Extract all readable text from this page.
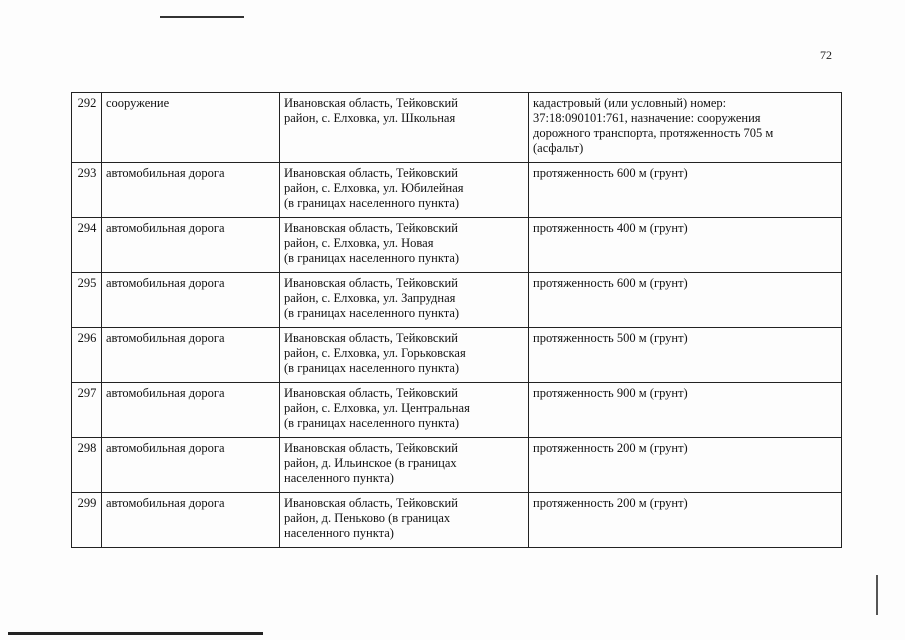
72
292	сооружение	Ивановская область, Тейковский
район, с. Елховка, ул. Школьная	кадастровый (или условный) номер:
37:18:090101:761, назначение: сооружения
дорожного транспорта, протяженность 705 м
(асфальт)
293	автомобильная дорога	Ивановская область, Тейковский
район, с. Елховка, ул. Юбилейная
(в границах населенного пункта)	протяженность 600 м (грунт)
294	автомобильная дорога	Ивановская область, Тейковский
район, с. Елховка, ул. Новая
(в границах населенного пункта)	протяженность 400 м (грунт)
295	автомобильная дорога	Ивановская область, Тейковский
район, с. Елховка, ул. Запрудная
(в границах населенного пункта)	протяженность 600 м (грунт)
296	автомобильная дорога	Ивановская область, Тейковский
район, с. Елховка, ул. Горьковская
(в границах населенного пункта)	протяженность 500 м (грунт)
297	автомобильная дорога	Ивановская область, Тейковский
район, с. Елховка, ул. Центральная
(в границах населенного пункта)	протяженность 900 м (грунт)
298	автомобильная дорога	Ивановская область, Тейковский
район, д. Ильинское (в границах
населенного пункта)	протяженность 200 м (грунт)
299	автомобильная дорога	Ивановская область, Тейковский
район, д. Пеньково (в границах
населенного пункта)	протяженность 200 м (грунт)
